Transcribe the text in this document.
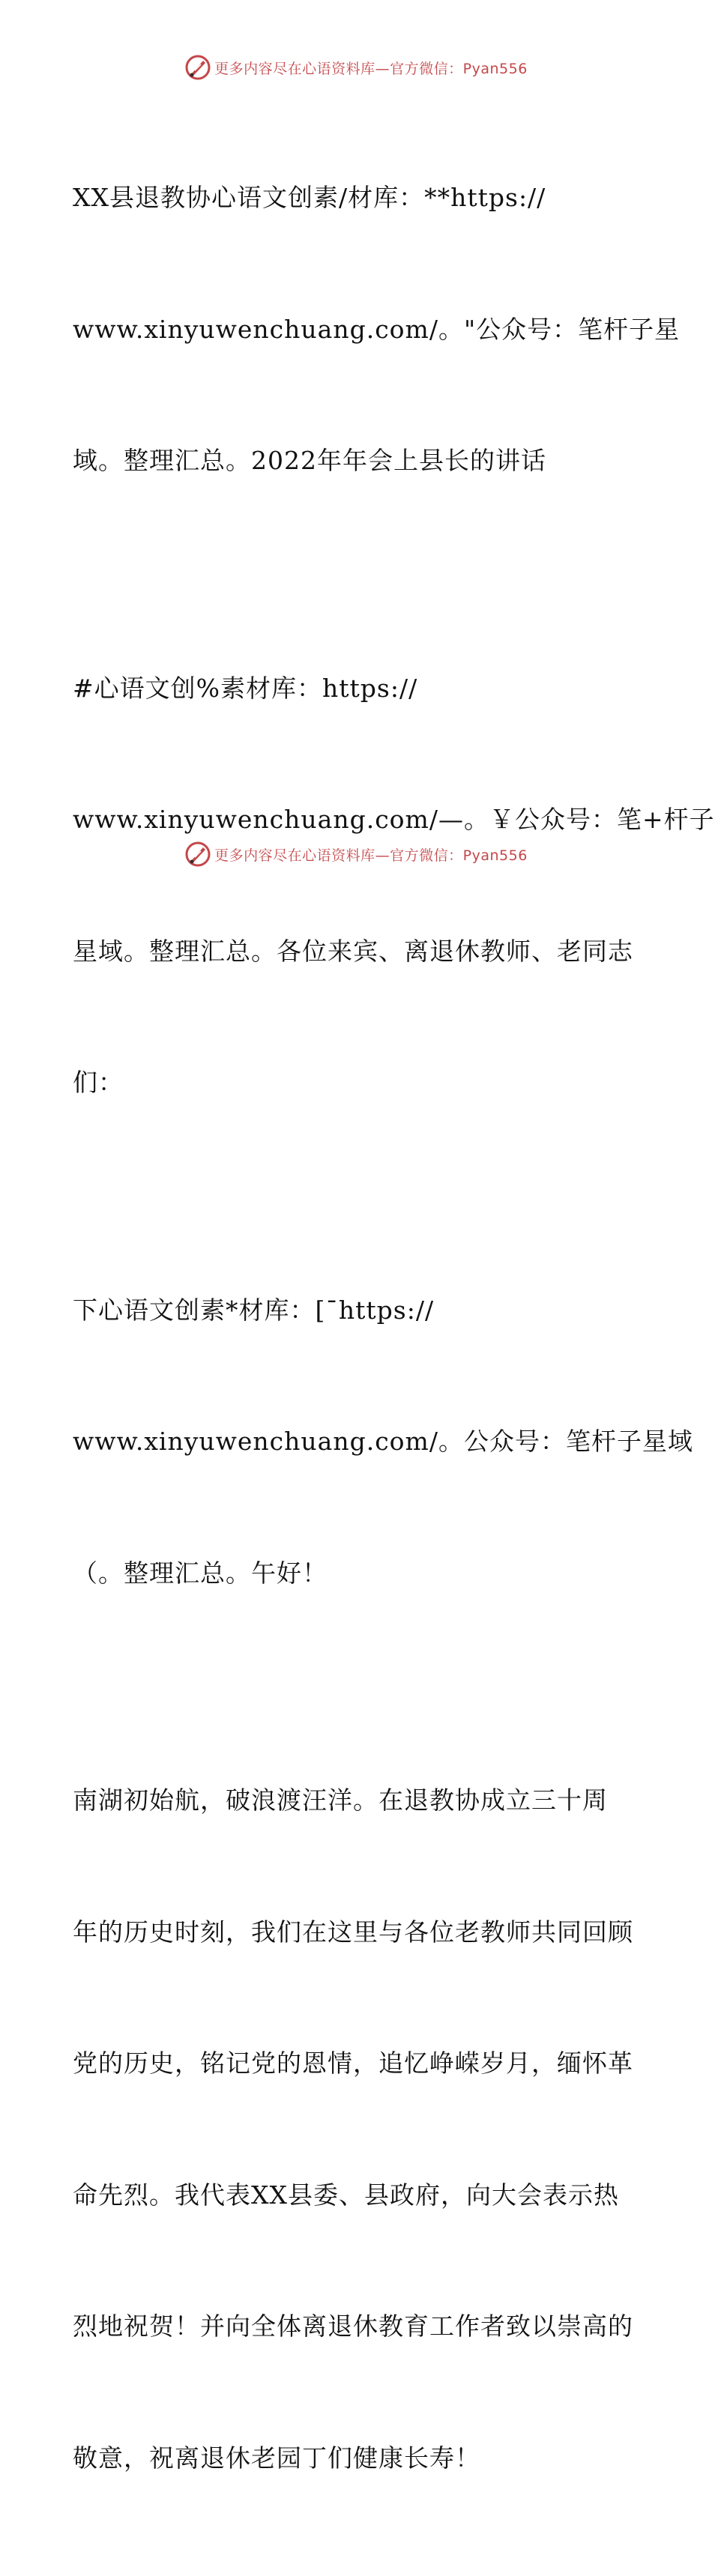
更多内容尽在心语资料库—官方微信：Pyan556

XX县退教协心语文创素/材库：**https://

www.xinyuwenchuang.com/。"公众号：笔杆子星

域。整理汇总。2022年年会上县长的讲话

#心语文创%素材库：https://

www.xinyuwenchuang.com/—。￥公众号：笔+杆子

星域。整理汇总。各位来宾、离退休教师、老同志

们：

下心语文创素*材库：[¯https://

www.xinyuwenchuang.com/。公众号：笔杆子星域

（。整理汇总。午好！

南湖初始航，破浪渡汪洋。在退教协成立三十周

年的历史时刻，我们在这里与各位老教师共同回顾

党的历史，铭记党的恩情，追忆峥嵘岁月，缅怀革

命先烈。我代表XX县委、县政府，向大会表示热

烈地祝贺！并向全体离退休教育工作者致以崇高的

敬意，祝离退休老园丁们健康长寿！

更多内容尽在心语资料库—官方微信：Pyan556
